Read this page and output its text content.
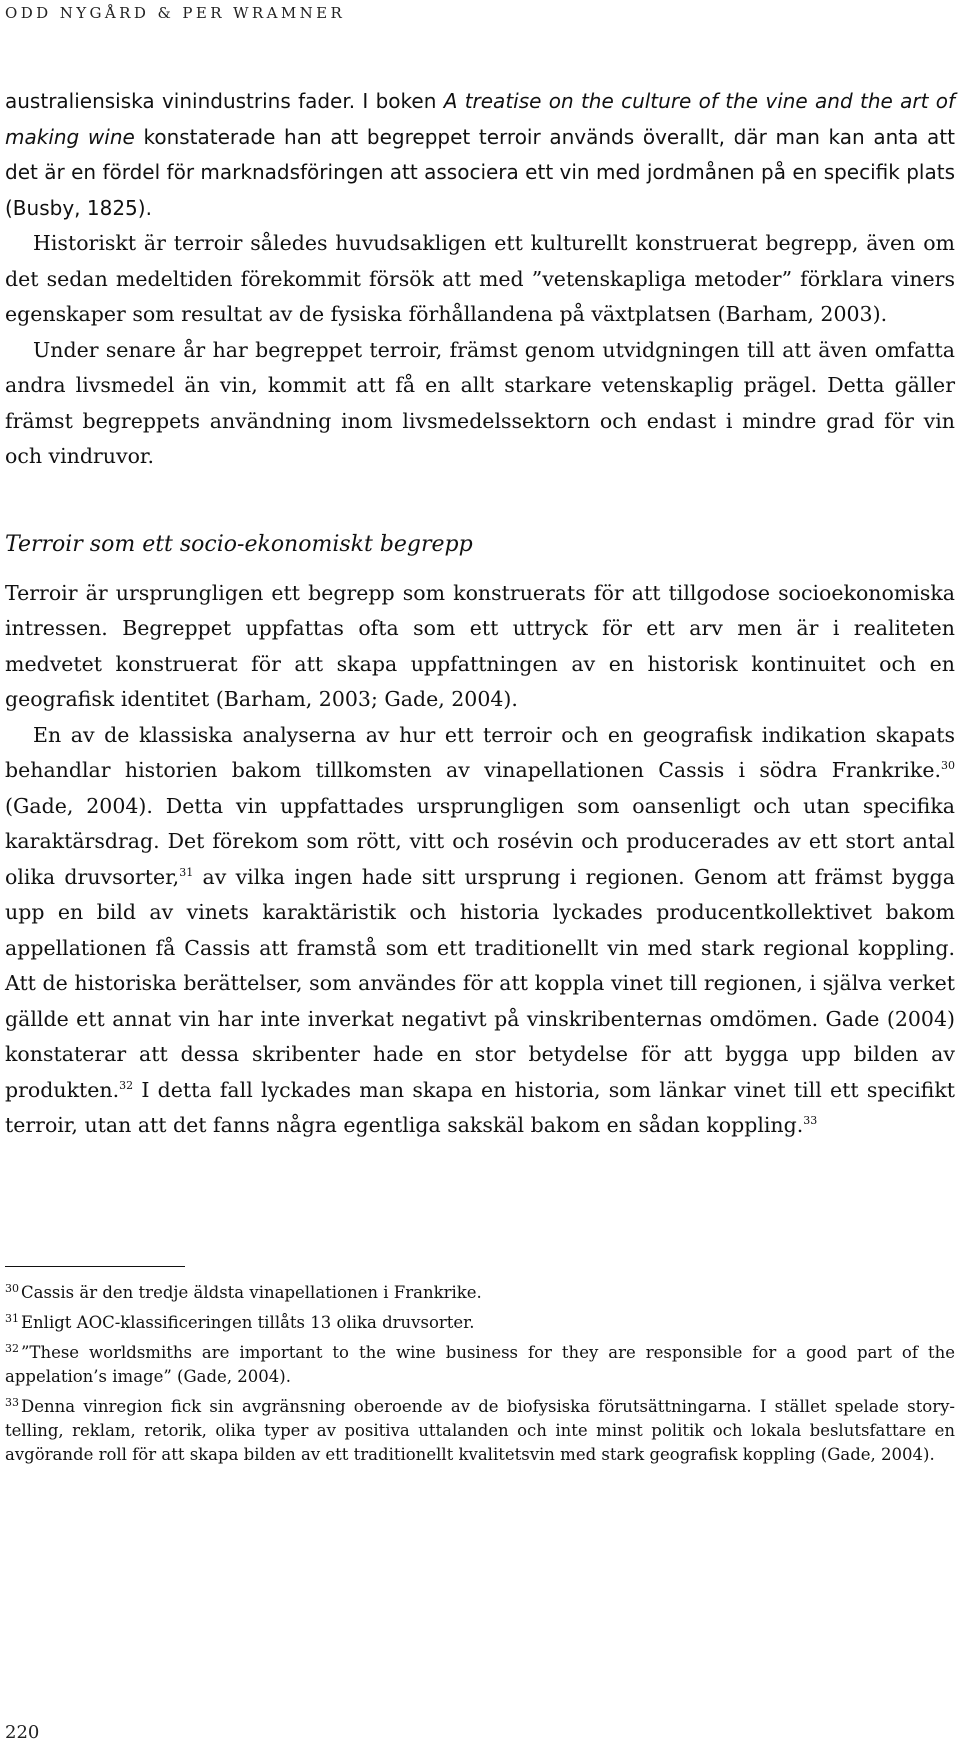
ODD NYGÅRD & PER WRAMNER

australiensiska vinindustrins fader. I boken A treatise on the culture of the vine and the art of making wine konstaterade han att begreppet terroir används överallt, där man kan anta att det är en fördel för marknadsföringen att associera ett vin med jordmånen på en specifik plats (Busby, 1825).

Historiskt är terroir således huvudsakligen ett kulturellt konstruerat begrepp, även om det sedan medeltiden förekommit försök att med ”vetenskapliga metoder” förklara viners egenskaper som resultat av de fysiska förhållandena på växtplatsen (Barham, 2003).

Under senare år har begreppet terroir, främst genom utvidgningen till att även omfatta andra livsmedel än vin, kommit att få en allt starkare vetenskaplig prägel. Detta gäller främst begreppets användning inom livsmedelssektorn och endast i mindre grad för vin och vindruvor.

Terroir som ett socio-ekonomiskt begrepp

Terroir är ursprungligen ett begrepp som konstruerats för att tillgodose socioekonomiska intressen. Begreppet uppfattas ofta som ett uttryck för ett arv men är i realiteten medvetet konstruerat för att skapa uppfattningen av en historisk kontinuitet och en geografisk identitet (Barham, 2003; Gade, 2004).

En av de klassiska analyserna av hur ett terroir och en geografisk indikation skapats behandlar historien bakom tillkomsten av vinapellationen Cassis i södra Frankrike.$^{30}$ (Gade, 2004). Detta vin uppfattades ursprungligen som oansenligt och utan specifika karaktärsdrag. Det förekom som rött, vitt och rosévin och producerades av ett stort antal olika druvsorter,$^{31}$ av vilka ingen hade sitt ursprung i regionen. Genom att främst bygga upp en bild av vinets karaktäristik och historia lyckades producentkollektivet bakom appellationen få Cassis att framstå som ett traditionellt vin med stark regional koppling. Att de historiska berättelser, som användes för att koppla vinet till regionen, i själva verket gällde ett annat vin har inte inverkat negativt på vinskribenternas omdömen. Gade (2004) konstaterar att dessa skribenter hade en stor betydelse för att bygga upp bilden av produkten.$^{32}$ I detta fall lyckades man skapa en historia, som länkar vinet till ett specifikt terroir, utan att det fanns några egentliga sakskäl bakom en sådan koppling.$^{33}$

$^{30}$ Cassis är den tredje äldsta vinapellationen i Frankrike.

$^{31}$ Enligt AOC-klassificeringen tillåts 13 olika druvsorter.

$^{32}$ ”These worldsmiths are important to the wine business for they are responsible for a good part of the appelation’s image” (Gade, 2004).

$^{33}$ Denna vinregion fick sin avgränsning oberoende av de biofysiska förutsättningarna. I stället spelade story-telling, reklam, retorik, olika typer av positiva uttalanden och inte minst politik och lokala beslutsfattare en avgörande roll för att skapa bilden av ett traditionellt kvalitetsvin med stark geografisk koppling (Gade, 2004).

220
